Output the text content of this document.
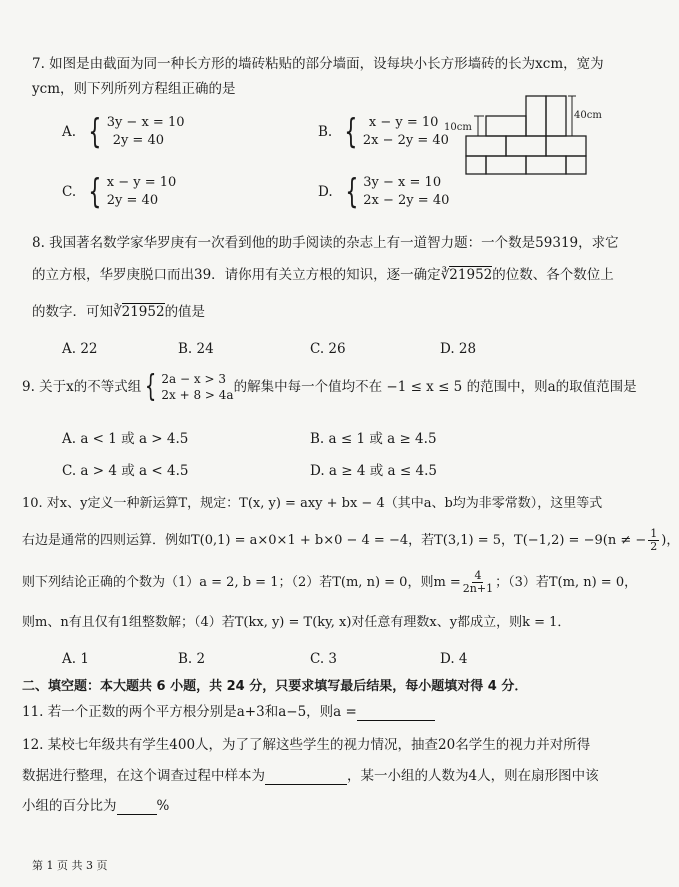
7. 如图是由截面为同一种长方形的墙砖粘贴的部分墙面，设每块小长方形墙砖的长为xcm，宽为
ycm，则下列所列方程组正确的是
A. { 3y − x = 10
2y = 40
B. { x − y = 10
2x − 2y = 40
C. { x − y = 10
2y = 40
D. { 3y − x = 10
2x − 2y = 40
10cm
40cm
8. 我国著名数学家华罗庚有一次看到他的助手阅读的杂志上有一道智力题：一个数是59319，求它
的立方根，华罗庚脱口而出39．请你用有关立方根的知识，逐一确定∛21952的位数、各个数位上
的数字．可知∛21952的值是
A. 22	B. 24	C. 26	D. 28
9. 关于x的不等式组 { 2a − x > 3
2x + 8 > 4a 的解集中每一个值均不在 −1 ≤ x ≤ 5 的范围中，则a的取值范围是
A. a < 1 或 a > 4.5	B. a ≤ 1 或 a ≥ 4.5
C. a > 4 或 a < 4.5	D. a ≥ 4 或 a ≤ 4.5
10. 对x、y定义一种新运算T，规定：T(x, y) = axy + bx − 4（其中a、b均为非零常数），这里等式
右边是通常的四则运算．例如T(0,1) = a×0×1 + b×0 − 4 = −4，若T(3,1) = 5，T(−1,2) = −9(n ≠ − $\frac{1}{2}$ )，
则下列结论正确的个数为（1）a = 2, b = 1；（2）若T(m, n) = 0，则$m = \frac{4}{2n+1}$ ；（3）若T(m, n) = 0，
则m、n有且仅有1组整数解；（4）若T(kx, y) = T(ky, x)对任意有理数x、y都成立，则k = 1．
A. 1	B. 2	C. 3	D. 4
二、填空题：本大题共 6 小题，共 24 分，只要求填写最后结果，每小题填对得 4 分．
11. 若一个正数的两个平方根分别是a+3和a−5，则a =
12. 某校七年级共有学生400人，为了了解这些学生的视力情况，抽查20名学生的视力并对所得
数据进行整理，在这个调查过程中样本为	，某一小组的人数为4人，则在扇形图中该
小组的百分比为	%
第 1 页 共 3 页
